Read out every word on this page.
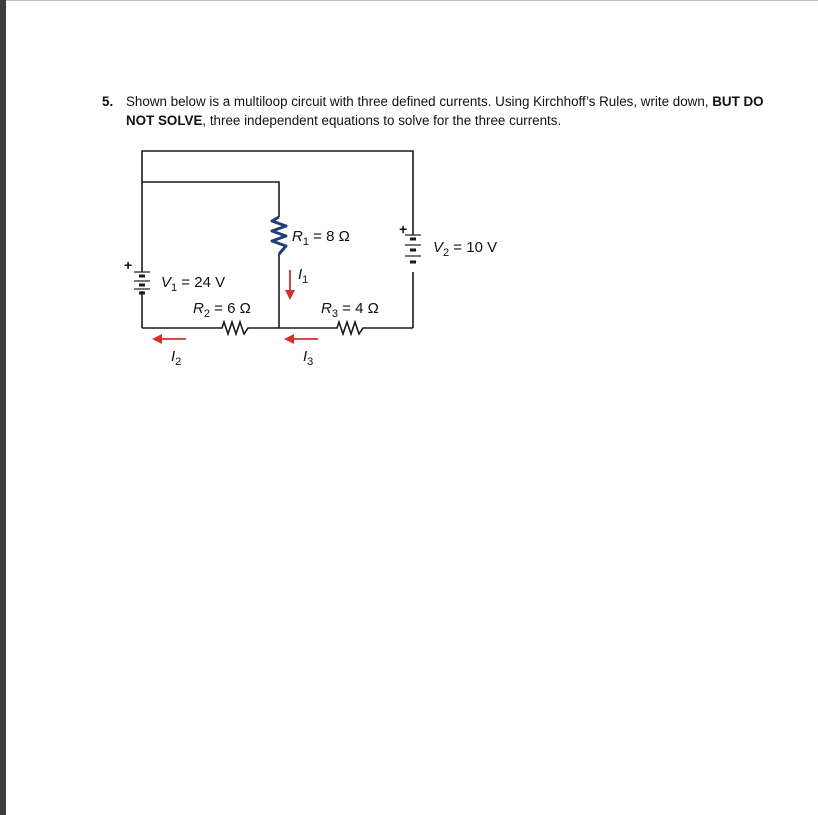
5. Shown below is a multiloop circuit with three defined currents. Using Kirchhoff’s Rules, write down, BUT DO NOT SOLVE, three independent equations to solve for the three currents.
+
+
$V_1 = 24$ V
$R_2 = 6$ Ω
$R_1 = 8$ Ω
$R_3 = 4$ Ω
$V_2 = 10$ V
$I_1$
$I_2$	$I_3$
